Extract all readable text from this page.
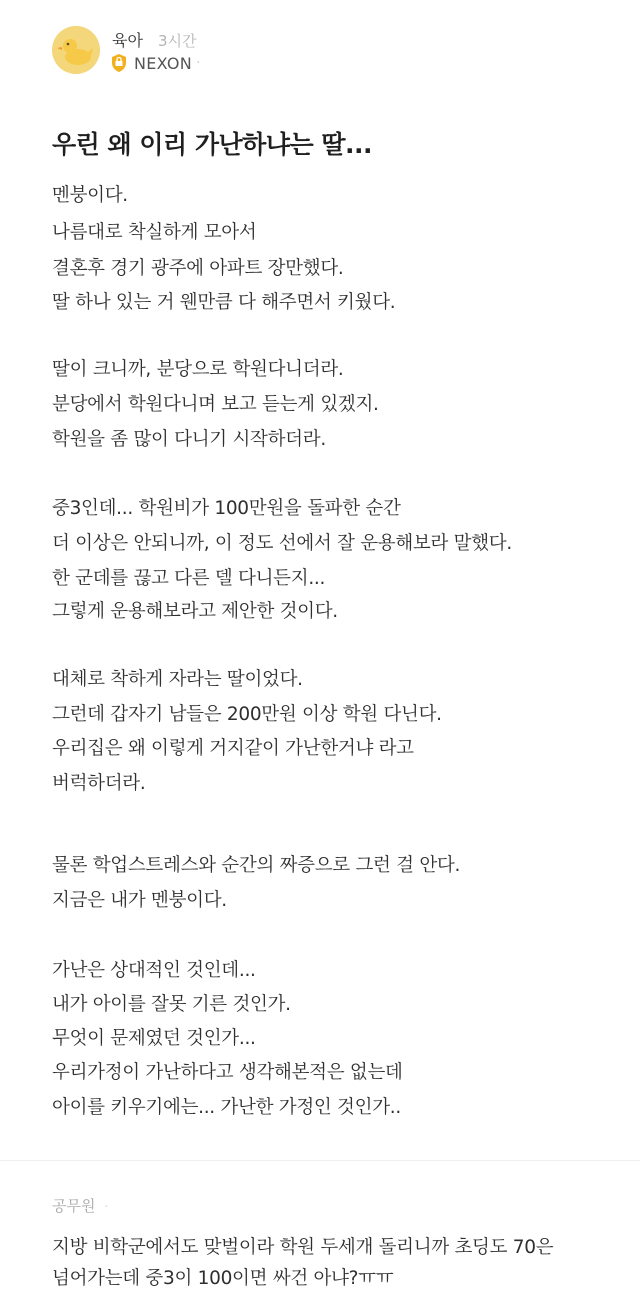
육아 3시간
NEXON ·
우린 왜 이리 가난하냐는 딸...

멘붕이다.

나름대로 착실하게 모아서

결혼후 경기 광주에 아파트 장만했다.

딸 하나 있는 거 웬만큼 다 해주면서 키웠다.

딸이 크니까, 분당으로 학원다니더라.

분당에서 학원다니며 보고 듣는게 있겠지.

학원을 좀 많이 다니기 시작하더라.

중3인데... 학원비가 100만원을 돌파한 순간

더 이상은 안되니까, 이 정도 선에서 잘 운용해보라 말했다.

한 군데를 끊고 다른 델 다니든지...

그렇게 운용해보라고 제안한 것이다.

대체로 착하게 자라는 딸이었다.

그런데 갑자기 남들은 200만원 이상 학원 다닌다.

우리집은 왜 이렇게 거지같이 가난한거냐 라고

버럭하더라.

물론 학업스트레스와 순간의 짜증으로 그런 걸 안다.

지금은 내가 멘붕이다.

가난은 상대적인 것인데...

내가 아이를 잘못 기른 것인가.

무엇이 문제였던 것인가...

우리가정이 가난하다고 생각해본적은 없는데

아이를 키우기에는... 가난한 가정인 것인가..

공무원 ·

지방 비학군에서도 맞벌이라 학원 두세개 돌리니까 초딩도 70은

넘어가는데 중3이 100이면 싸건 아냐?ㅠㅠ
